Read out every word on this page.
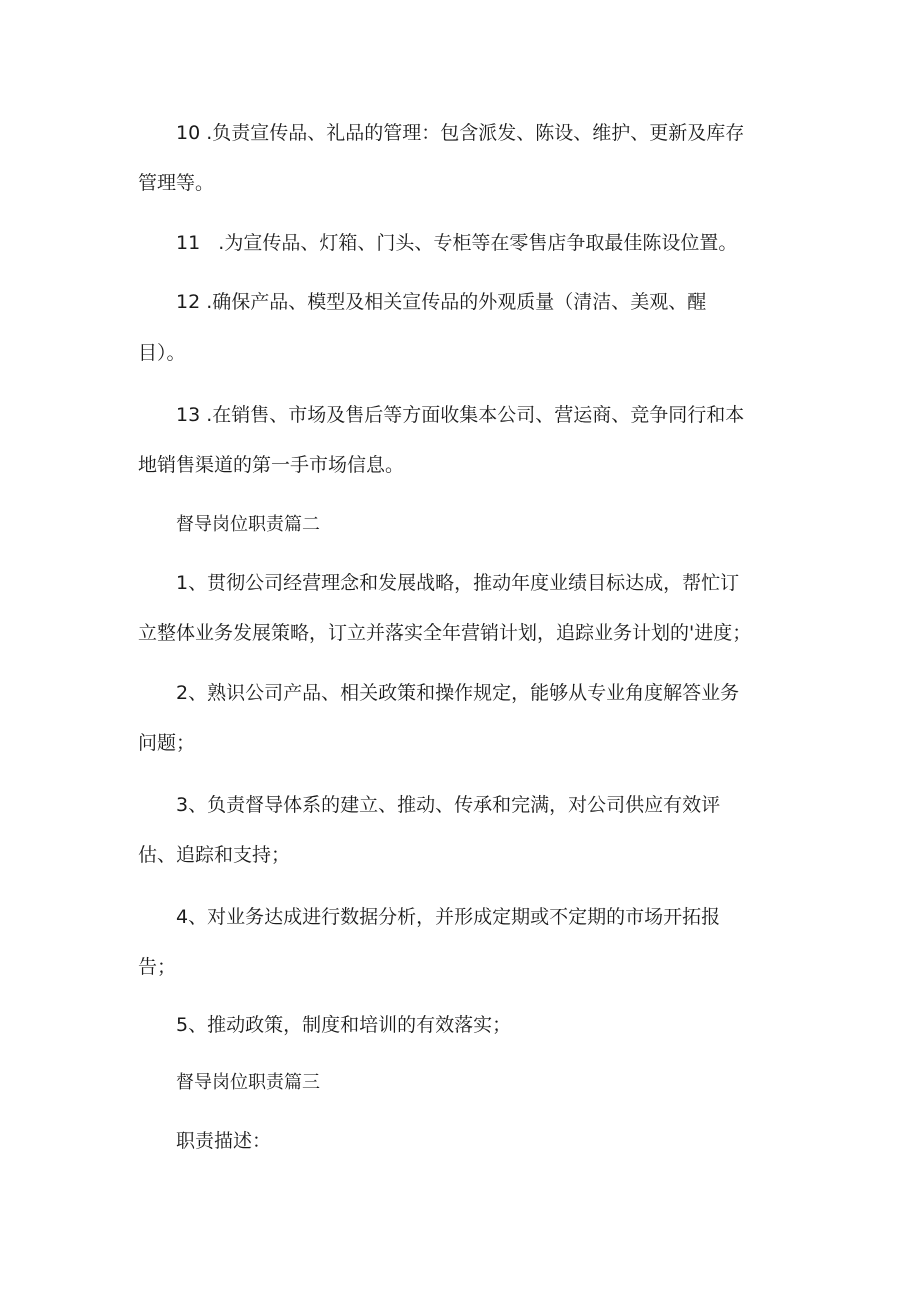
10 .负责宣传品、礼品的管理：包含派发、陈设、维护、更新及库存
管理等。
11   .为宣传品、灯箱、门头、专柜等在零售店争取最佳陈设位置。
12 .确保产品、模型及相关宣传品的外观质量（清洁、美观、醒
目）。
13 .在销售、市场及售后等方面收集本公司、营运商、竞争同行和本
地销售渠道的第一手市场信息。
督导岗位职责篇二
1、贯彻公司经营理念和发展战略，推动年度业绩目标达成，帮忙订
立整体业务发展策略，订立并落实全年营销计划，追踪业务计划的'进度；
2、熟识公司产品、相关政策和操作规定，能够从专业角度解答业务
问题；
3、负责督导体系的建立、推动、传承和完满，对公司供应有效评
估、追踪和支持；
4、对业务达成进行数据分析，并形成定期或不定期的市场开拓报
告；
5、推动政策，制度和培训的有效落实；
督导岗位职责篇三
职责描述：
